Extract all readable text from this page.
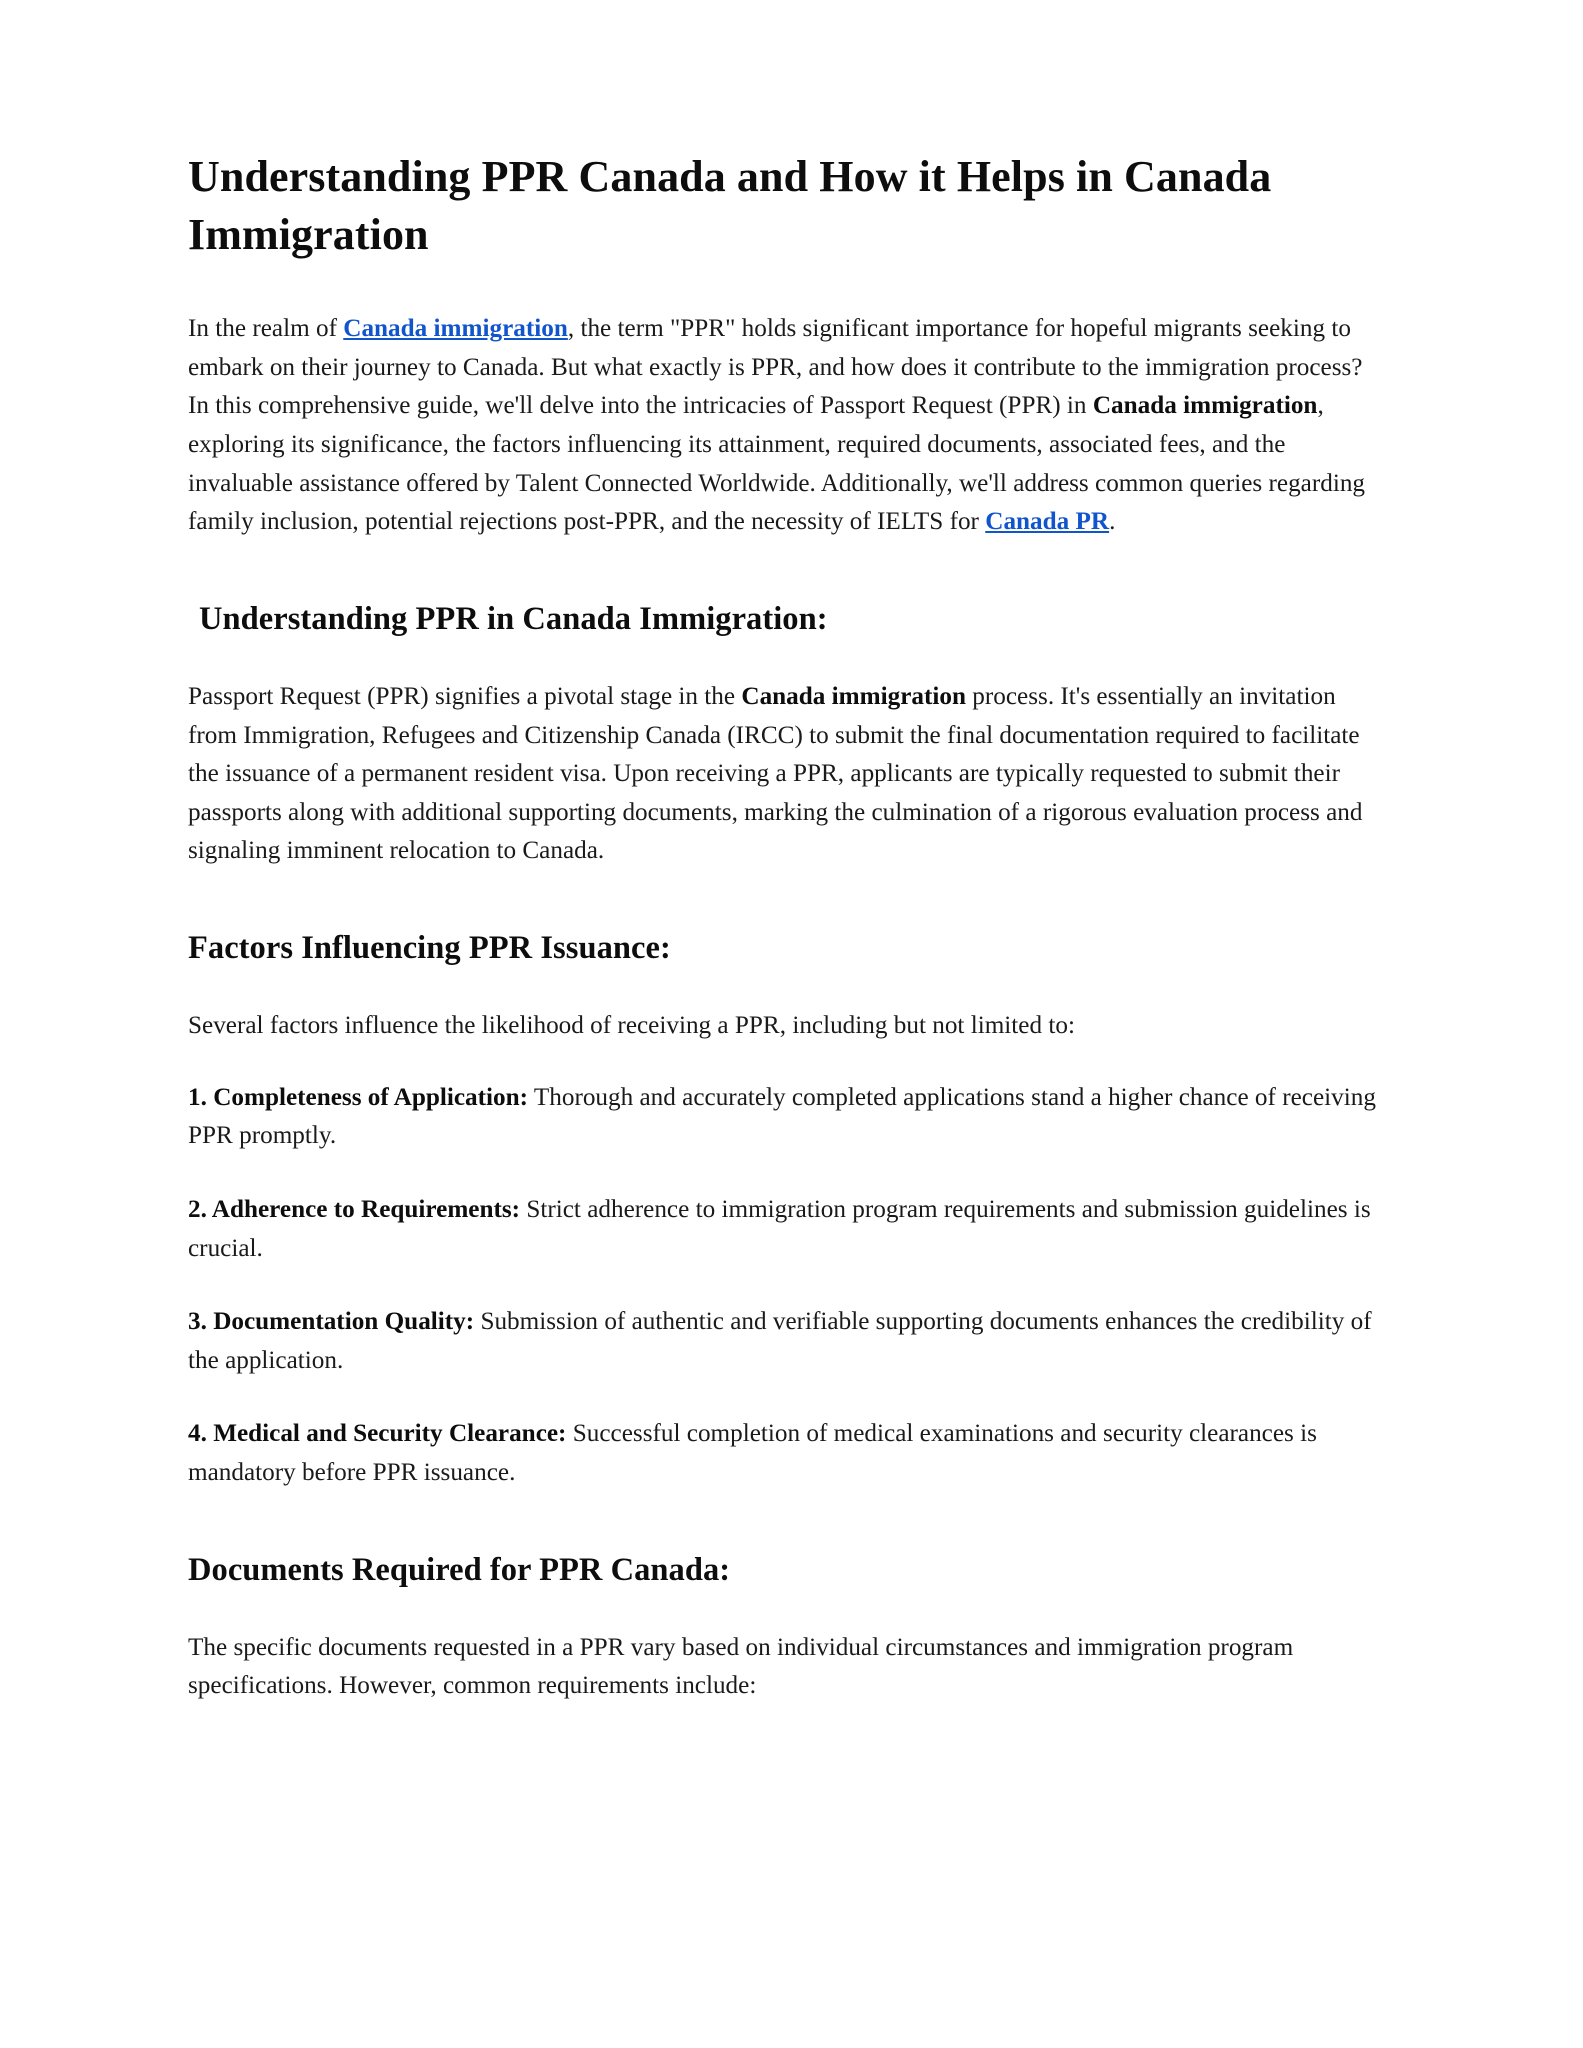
Understanding PPR Canada and How it Helps in Canada Immigration

In the realm of Canada immigration, the term "PPR" holds significant importance for hopeful migrants seeking to embark on their journey to Canada. But what exactly is PPR, and how does it contribute to the immigration process? In this comprehensive guide, we'll delve into the intricacies of Passport Request (PPR) in Canada immigration, exploring its significance, the factors influencing its attainment, required documents, associated fees, and the invaluable assistance offered by Talent Connected Worldwide. Additionally, we'll address common queries regarding family inclusion, potential rejections post-PPR, and the necessity of IELTS for Canada PR.

Understanding PPR in Canada Immigration:

Passport Request (PPR) signifies a pivotal stage in the Canada immigration process. It's essentially an invitation from Immigration, Refugees and Citizenship Canada (IRCC) to submit the final documentation required to facilitate the issuance of a permanent resident visa. Upon receiving a PPR, applicants are typically requested to submit their passports along with additional supporting documents, marking the culmination of a rigorous evaluation process and signaling imminent relocation to Canada.

Factors Influencing PPR Issuance:

Several factors influence the likelihood of receiving a PPR, including but not limited to:

1. Completeness of Application: Thorough and accurately completed applications stand a higher chance of receiving PPR promptly.

2. Adherence to Requirements: Strict adherence to immigration program requirements and submission guidelines is crucial.

3. Documentation Quality: Submission of authentic and verifiable supporting documents enhances the credibility of the application.

4. Medical and Security Clearance: Successful completion of medical examinations and security clearances is mandatory before PPR issuance.

Documents Required for PPR Canada:

The specific documents requested in a PPR vary based on individual circumstances and immigration program specifications. However, common requirements include:
